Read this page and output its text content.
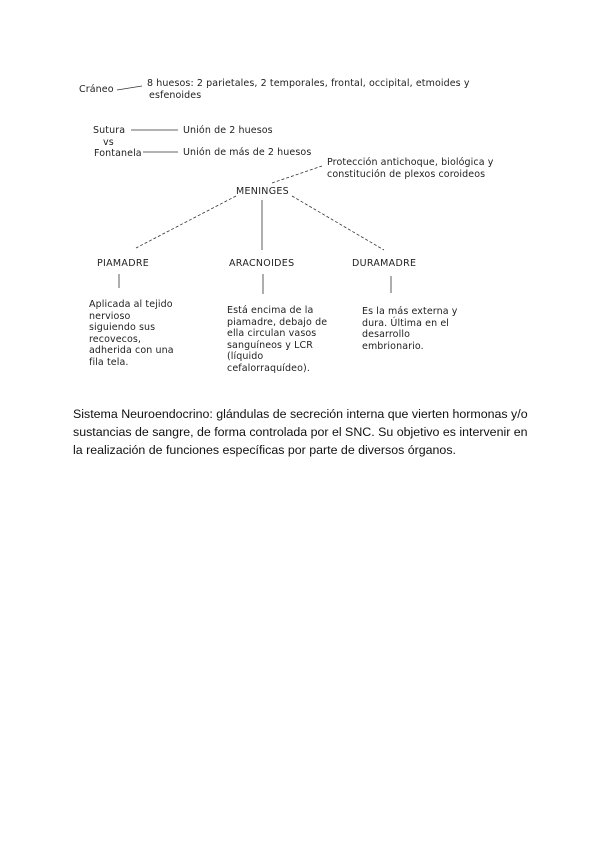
Cráneo
8 huesos: 2 parietales, 2 temporales, frontal, occipital, etmoides y
esfenoides
Sutura
vs
Fontanela
Unión de 2 huesos
Unión de más de 2 huesos
Protección antichoque, biológica y
constitución de plexos coroideos
MENINGES
PIAMADRE	ARACNOIDES	DURAMADRE
Aplicada al tejido
nervioso
siguiendo sus
recovecos,
adherida con una
fila tela.
Está encima de la
piamadre, debajo de
ella circulan vasos
sanguíneos y LCR
(líquido
cefalorraquídeo).
Es la más externa y
dura. Última en el
desarrollo
embrionario.

Sistema Neuroendocrino: glándulas de secreción interna que vierten hormonas y/o

sustancias de sangre, de forma controlada por el SNC. Su objetivo es intervenir en

la realización de funciones específicas por parte de diversos órganos.
